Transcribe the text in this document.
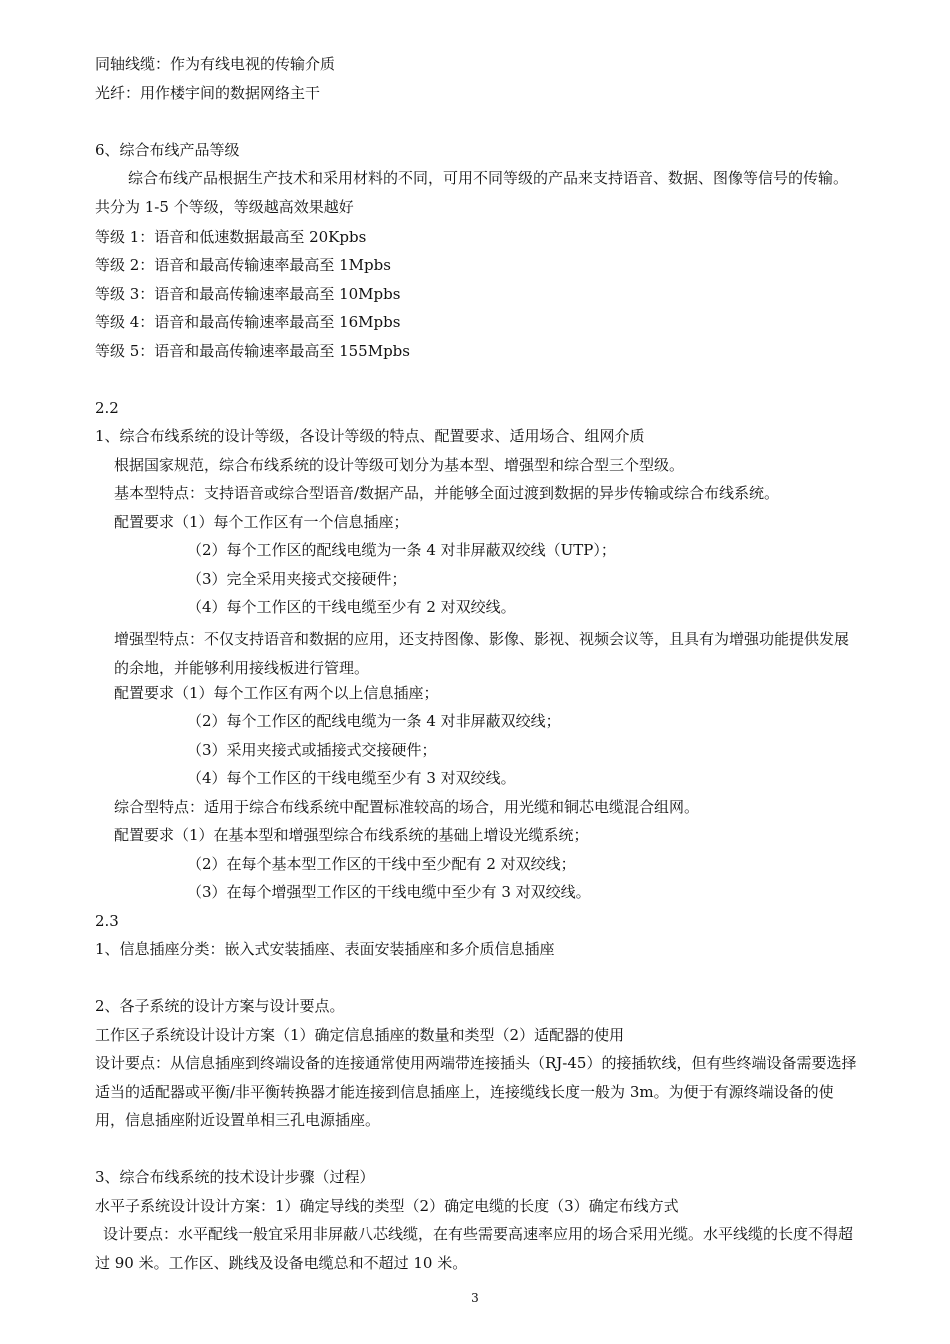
同轴线缆：作为有线电视的传输介质
光纤：用作楼宇间的数据网络主干
6、综合布线产品等级
综合布线产品根据生产技术和采用材料的不同，可用不同等级的产品来支持语音、数据、图像等信号的传输。共分为 1-5 个等级，等级越高效果越好
等级 1：语音和低速数据最高至 20Kpbs
等级 2：语音和最高传输速率最高至 1Mpbs
等级 3：语音和最高传输速率最高至 10Mpbs
等级 4：语音和最高传输速率最高至 16Mpbs
等级 5：语音和最高传输速率最高至 155Mpbs
2.2
1、综合布线系统的设计等级，各设计等级的特点、配置要求、适用场合、组网介质
根据国家规范，综合布线系统的设计等级可划分为基本型、增强型和综合型三个型级。
基本型特点：支持语音或综合型语音/数据产品，并能够全面过渡到数据的异步传输或综合布线系统。
配置要求（1）每个工作区有一个信息插座；
（2）每个工作区的配线电缆为一条 4 对非屏蔽双绞线（UTP）；
（3）完全采用夹接式交接硬件；
（4）每个工作区的干线电缆至少有 2 对双绞线。
增强型特点：不仅支持语音和数据的应用，还支持图像、影像、影视、视频会议等，且具有为增强功能提供发展的余地，并能够利用接线板进行管理。
配置要求（1）每个工作区有两个以上信息插座；
（2）每个工作区的配线电缆为一条 4 对非屏蔽双绞线；
（3）采用夹接式或插接式交接硬件；
（4）每个工作区的干线电缆至少有 3 对双绞线。
综合型特点：适用于综合布线系统中配置标准较高的场合，用光缆和铜芯电缆混合组网。
配置要求（1）在基本型和增强型综合布线系统的基础上增设光缆系统；
（2）在每个基本型工作区的干线中至少配有 2 对双绞线；
（3）在每个增强型工作区的干线电缆中至少有 3 对双绞线。
2.3
1、信息插座分类：嵌入式安装插座、表面安装插座和多介质信息插座
2、各子系统的设计方案与设计要点。
工作区子系统设计设计方案（1）确定信息插座的数量和类型（2）适配器的使用
设计要点：从信息插座到终端设备的连接通常使用两端带连接插头（RJ-45）的接插软线，但有些终端设备需要选择适当的适配器或平衡/非平衡转换器才能连接到信息插座上，连接缆线长度一般为 3m。为便于有源终端设备的使用，信息插座附近设置单相三孔电源插座。
3、综合布线系统的技术设计步骤（过程）
水平子系统设计设计方案：1）确定导线的类型（2）确定电缆的长度（3）确定布线方式
设计要点：水平配线一般宜采用非屏蔽八芯线缆，在有些需要高速率应用的场合采用光缆。水平线缆的长度不得超过 90 米。工作区、跳线及设备电缆总和不超过 10 米。
3
